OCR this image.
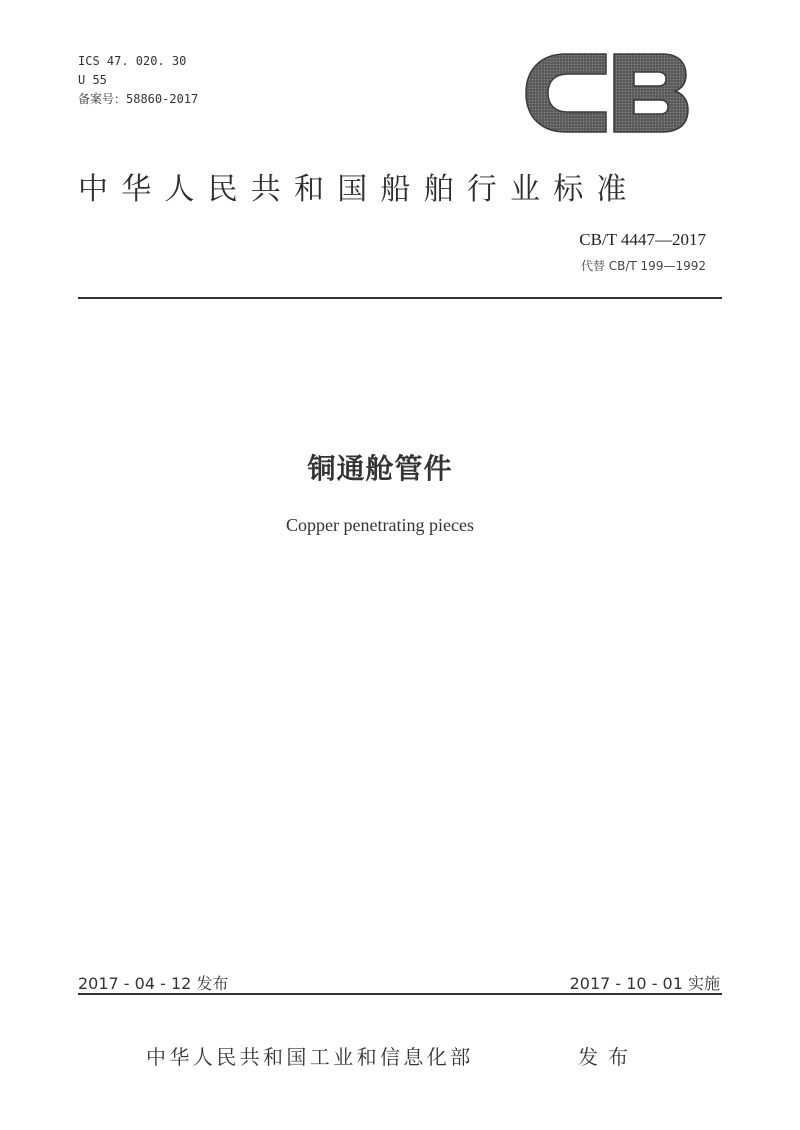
ICS 47. 020. 30
U 55
备案号：58860-2017
中华人民共和国船舶行业标准
CB/T 4447—2017
代替 CB/T 199—1992
铜通舱管件
Copper penetrating pieces
2017 - 04 - 12 发布	2017 - 10 - 01 实施
中华人民共和国工业和信息化部	发布
